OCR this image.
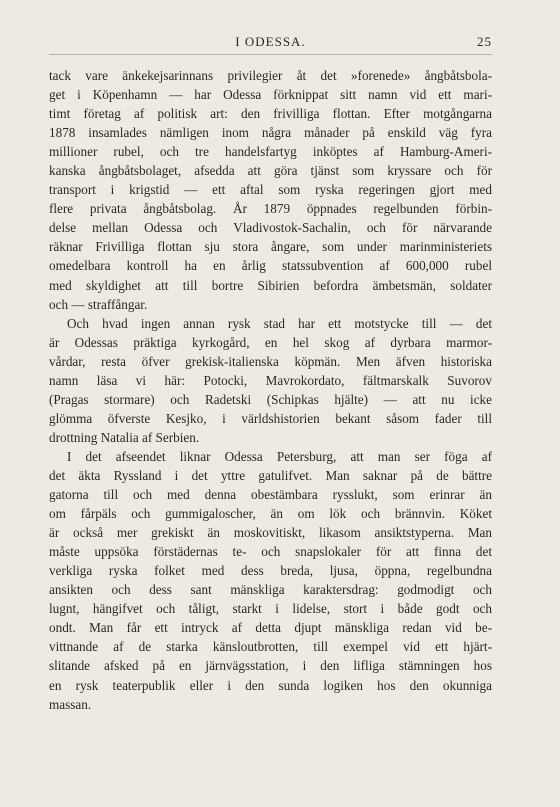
I ODESSA.	25
tack vare änkekejsarinnans privilegier åt det »forenede» ångbåtsbola-
get i Köpenhamn — har Odessa förknippat sitt namn vid ett mari-
timt företag af politisk art: den frivilliga flottan. Efter motgångarna
1878 insamlades nämligen inom några månader på enskild väg fyra
millioner rubel, och tre handelsfartyg inköptes af Hamburg-Ameri-
kanska ångbåtsbolaget, afsedda att göra tjänst som kryssare och för
transport i krigstid — ett aftal som ryska regeringen gjort med
flere privata ångbåtsbolag. År 1879 öppnades regelbunden förbin-
delse mellan Odessa och Vladivostok-Sachalin, och för närvarande
räknar Frivilliga flottan sju stora ångare, som under marinministeriets
omedelbara kontroll ha en årlig statssubvention af 600,000 rubel
med skyldighet att till bortre Sibirien befordra ämbetsmän, soldater
och — straffångar.
Och hvad ingen annan rysk stad har ett motstycke till — det
är Odessas präktiga kyrkogård, en hel skog af dyrbara marmor-
vårdar, resta öfver grekisk-italienska köpmän. Men äfven historiska
namn läsa vi här: Potocki, Mavrokordato, fältmarskalk Suvorov
(Pragas stormare) och Radetski (Schipkas hjälte) — att nu icke
glömma öfverste Kesjko, i världshistorien bekant såsom fader till
drottning Natalia af Serbien.
I det afseendet liknar Odessa Petersburg, att man ser föga af
det äkta Ryssland i det yttre gatulifvet. Man saknar på de bättre
gatorna till och med denna obestämbara rysslukt, som erinrar än
om fårpäls och gummigaloscher, än om lök och brännvin. Köket
är också mer grekiskt än moskovitiskt, likasom ansiktstyperna. Man
måste uppsöka förstädernas te- och snapslokaler för att finna det
verkliga ryska folket med dess breda, ljusa, öppna, regelbundna
ansikten och dess sant mänskliga karaktersdrag: godmodigt och
lugnt, hängifvet och tåligt, starkt i lidelse, stort i både godt och
ondt. Man får ett intryck af detta djupt mänskliga redan vid be-
vittnande af de starka känsloutbrotten, till exempel vid ett hjärt-
slitande afsked på en järnvägsstation, i den lifliga stämningen hos
en rysk teaterpublik eller i den sunda logiken hos den okunniga
massan.
